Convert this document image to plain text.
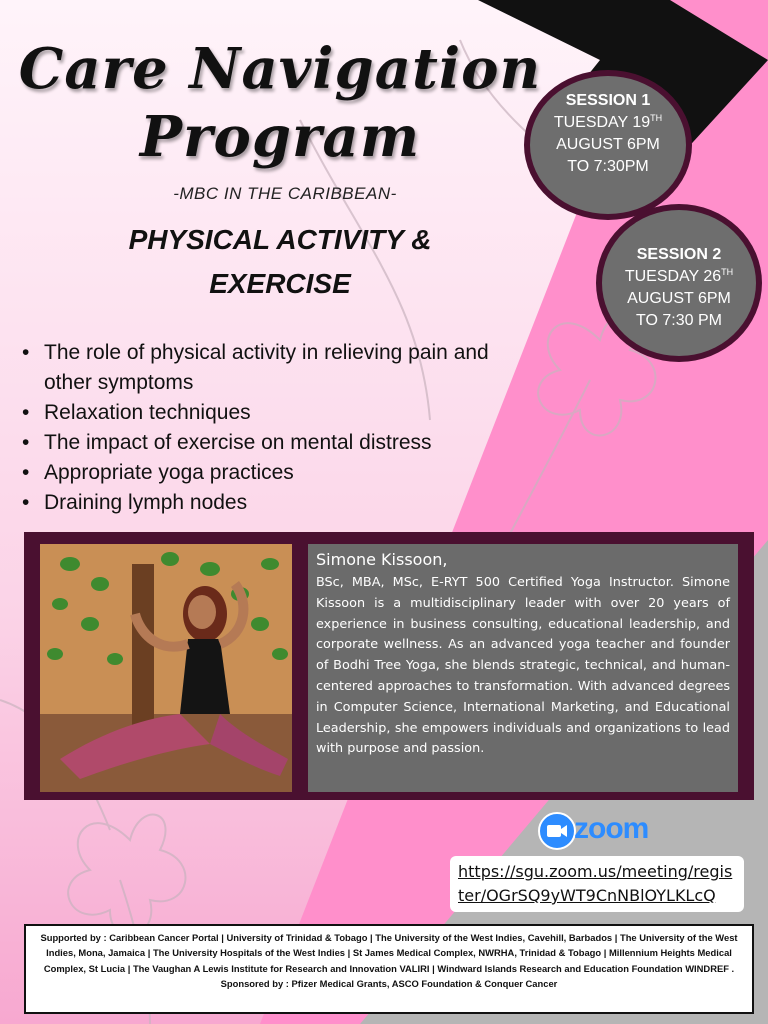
Care Navigation
Program
-MBC IN THE CARIBBEAN-
PHYSICAL ACTIVITY &
EXERCISE
SESSION 1
TUESDAY 19TH
AUGUST 6PM
TO 7:30PM
SESSION 2
TUESDAY 26TH
AUGUST 6PM
TO 7:30 PM
• The role of physical activity in relieving pain and other symptoms
• Relaxation techniques
• The impact of exercise on mental distress
• Appropriate yoga practices
• Draining lymph nodes
Simone Kissoon,
BSc, MBA, MSc, E-RYT 500 Certified Yoga Instructor. Simone Kissoon is a multidisciplinary leader with over 20 years of experience in business consulting, educational leadership, and corporate wellness. As an advanced yoga teacher and founder of Bodhi Tree Yoga, she blends strategic, technical, and human-centered approaches to transformation. With advanced degrees in Computer Science, International Marketing, and Educational Leadership, she empowers individuals and organizations to lead with purpose and passion.
zoom
https://sgu.zoom.us/meeting/regis
ter/OGrSQ9yWT9CnNBlOYLKLcQ
Supported by : Caribbean Cancer Portal | University of Trinidad & Tobago | The University of the West Indies, Cavehill, Barbados | The University of the West Indies, Mona, Jamaica | The University Hospitals of the West Indies | St James Medical Complex, NWRHA, Trinidad & Tobago | Millennium Heights Medical Complex, St Lucia | The Vaughan A Lewis Institute for Research and Innovation VALIRI | Windward Islands Research and Education Foundation WINDREF .
Sponsored by : Pfizer Medical Grants, ASCO Foundation & Conquer Cancer
